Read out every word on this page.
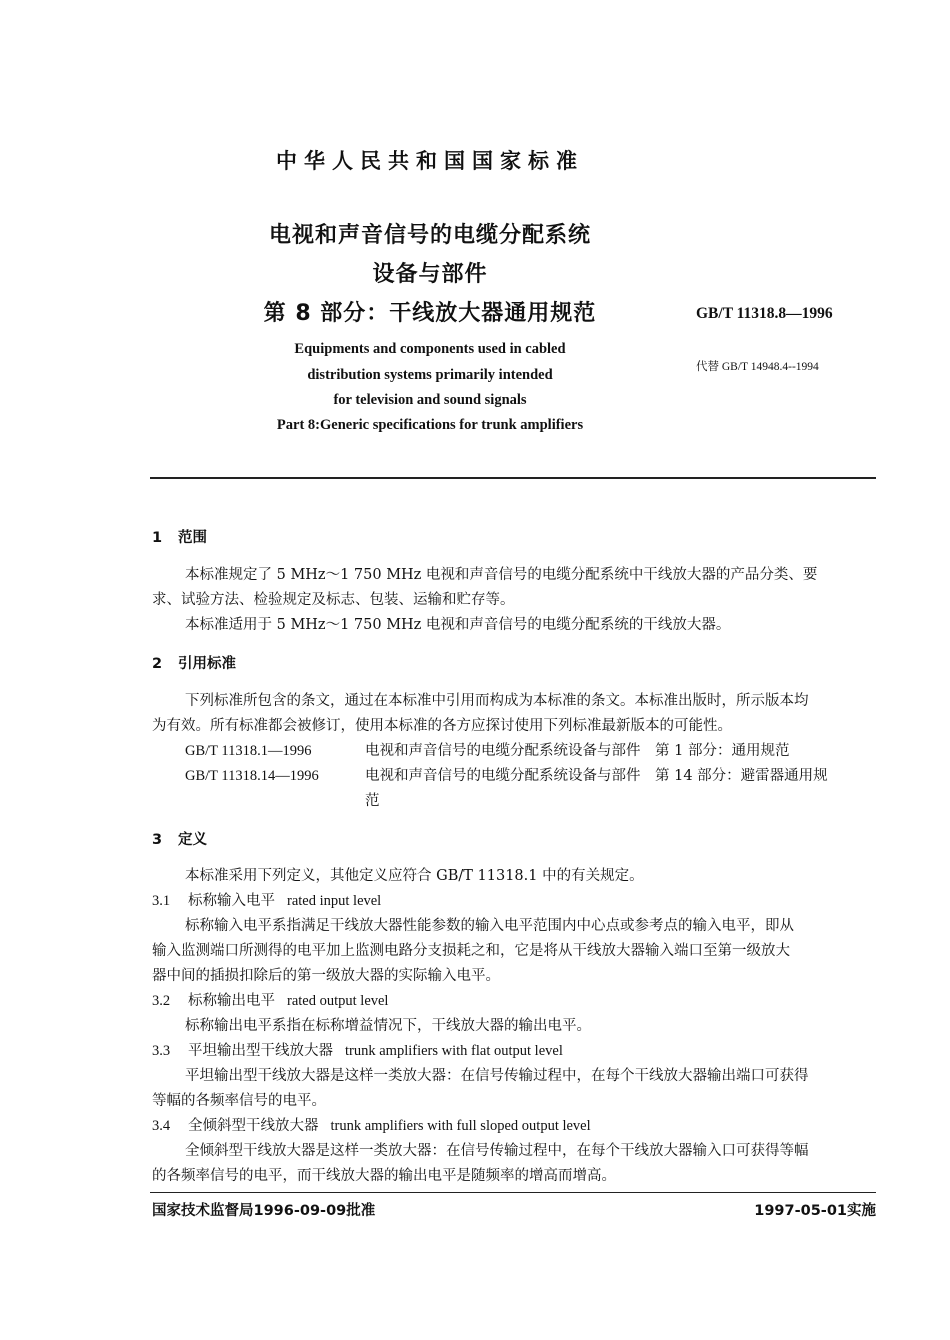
中华人民共和国国家标准
电视和声音信号的电缆分配系统
设备与部件
第 8 部分：干线放大器通用规范
Equipments and components used in cabled
distribution systems primarily intended
for television and sound signals
Part 8:Generic specifications for trunk amplifiers
GB/T 11318.8—1996
代替 GB/T 14948.4--1994
1 范围
本标准规定了 5 MHz～1 750 MHz 电视和声音信号的电缆分配系统中干线放大器的产品分类、要
求、试验方法、检验规定及标志、包装、运输和贮存等。
本标准适用于 5 MHz～1 750 MHz 电视和声音信号的电缆分配系统的干线放大器。
2 引用标准
下列标准所包含的条文，通过在本标准中引用而构成为本标准的条文。本标准出版时，所示版本均
为有效。所有标准都会被修订，使用本标准的各方应探讨使用下列标准最新版本的可能性。
GB/T 11318.1—1996	电视和声音信号的电缆分配系统设备与部件　第 1 部分：通用规范
GB/T 11318.14—1996	电视和声音信号的电缆分配系统设备与部件　第 14 部分：避雷器通用规
范
3 定义
本标准采用下列定义，其他定义应符合 GB/T 11318.1 中的有关规定。
3.1 标称输入电平 rated input level
标称输入电平系指满足干线放大器性能参数的输入电平范围内中心点或参考点的输入电平，即从
输入监测端口所测得的电平加上监测电路分支损耗之和，它是将从干线放大器输入端口至第一级放大
器中间的插损扣除后的第一级放大器的实际输入电平。
3.2 标称输出电平 rated output level
标称输出电平系指在标称增益情况下，干线放大器的输出电平。
3.3 平坦输出型干线放大器 trunk amplifiers with flat output level
平坦输出型干线放大器是这样一类放大器：在信号传输过程中，在每个干线放大器输出端口可获得
等幅的各频率信号的电平。
3.4 全倾斜型干线放大器 trunk amplifiers with full sloped output level
全倾斜型干线放大器是这样一类放大器：在信号传输过程中，在每个干线放大器输入口可获得等幅
的各频率信号的电平，而干线放大器的输出电平是随频率的增高而增高。
国家技术监督局1996-09-09批准	1997-05-01实施
